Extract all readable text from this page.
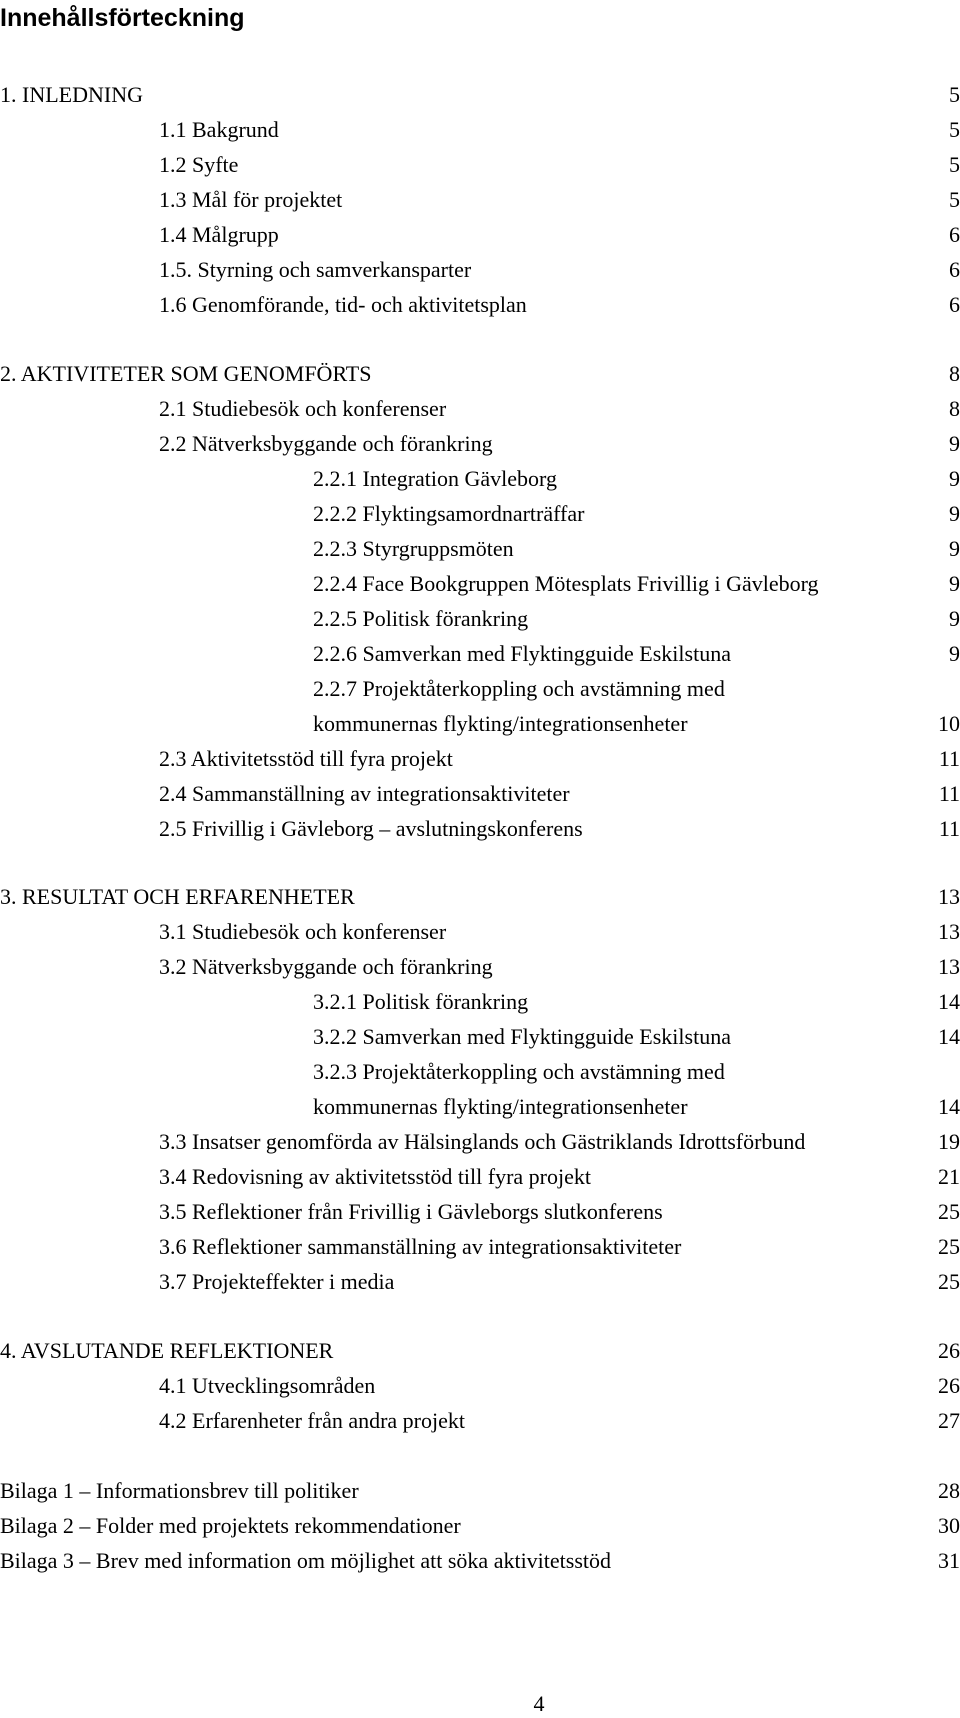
Innehållsförteckning
1. INLEDNING	5
1.1 Bakgrund	5
1.2 Syfte	5
1.3 Mål för projektet	5
1.4 Målgrupp	6
1.5. Styrning och samverkansparter	6
1.6 Genomförande, tid- och aktivitetsplan	6
2. AKTIVITETER SOM GENOMFÖRTS	8
2.1 Studiebesök och konferenser	8
2.2 Nätverksbyggande och förankring	9
2.2.1 Integration Gävleborg	9
2.2.2 Flyktingsamordnarträffar	9
2.2.3 Styrgruppsmöten	9
2.2.4 Face Bookgruppen Mötesplats Frivillig i Gävleborg	9
2.2.5 Politisk förankring	9
2.2.6 Samverkan med Flyktingguide Eskilstuna	9
2.2.7 Projektåterkoppling och avstämning med
kommunernas flykting/integrationsenheter	10
2.3 Aktivitetsstöd till fyra projekt	11
2.4 Sammanställning av integrationsaktiviteter	11
2.5 Frivillig i Gävleborg – avslutningskonferens	11
3. RESULTAT OCH ERFARENHETER	13
3.1 Studiebesök och konferenser	13
3.2 Nätverksbyggande och förankring	13
3.2.1 Politisk förankring	14
3.2.2 Samverkan med Flyktingguide Eskilstuna	14
3.2.3 Projektåterkoppling och avstämning med
kommunernas flykting/integrationsenheter	14
3.3 Insatser genomförda av Hälsinglands och Gästriklands Idrottsförbund	19
3.4 Redovisning av aktivitetsstöd till fyra projekt	21
3.5 Reflektioner från Frivillig i Gävleborgs slutkonferens	25
3.6 Reflektioner sammanställning av integrationsaktiviteter	25
3.7 Projekteffekter i media	25
4. AVSLUTANDE REFLEKTIONER	26
4.1 Utvecklingsområden	26
4.2 Erfarenheter från andra projekt	27
Bilaga 1 – Informationsbrev till politiker	28
Bilaga 2 – Folder med projektets rekommendationer	30
Bilaga 3 – Brev med information om möjlighet att söka aktivitetsstöd	31
4
